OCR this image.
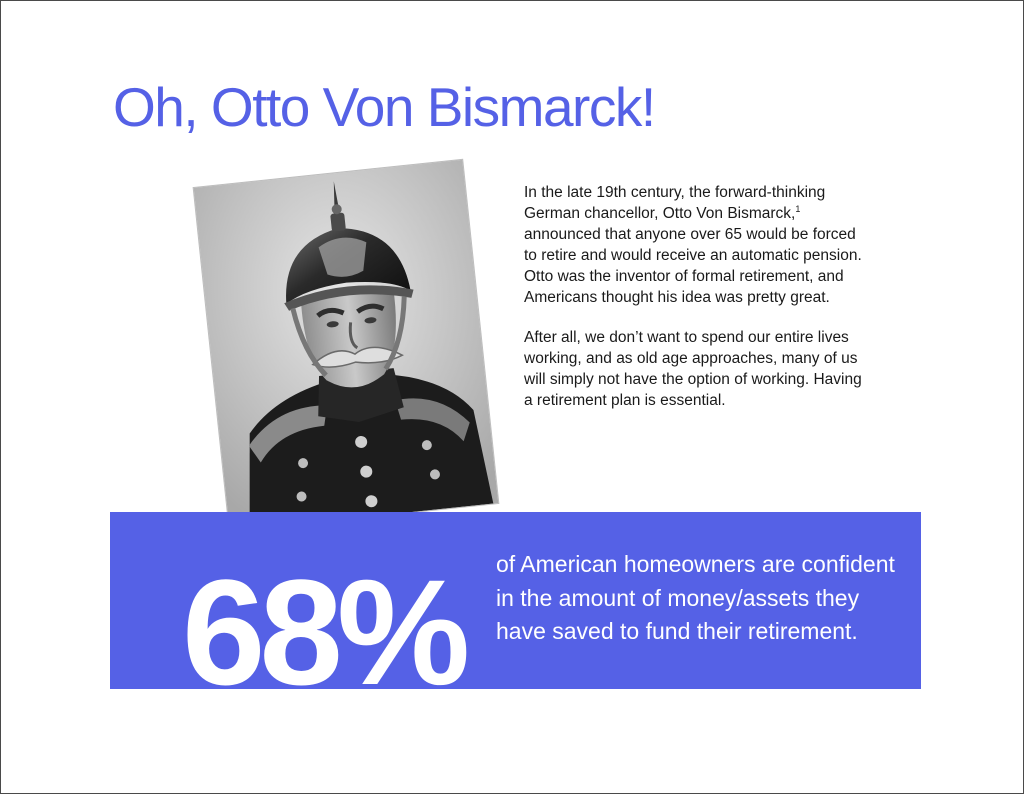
Oh, Otto Von Bismarck!

In the late 19th century, the forward-thinking German chancellor, Otto Von Bismarck,$^1$ announced that anyone over 65 would be forced to retire and would receive an automatic pension. Otto was the inventor of formal retirement, and Americans thought his idea was pretty great.

After all, we don’t want to spend our entire lives working, and as old age approaches, many of us will simply not have the option of working. Having a retirement plan is essential.

68% of American homeowners are confident in the amount of money/assets they have saved to fund their retirement.
